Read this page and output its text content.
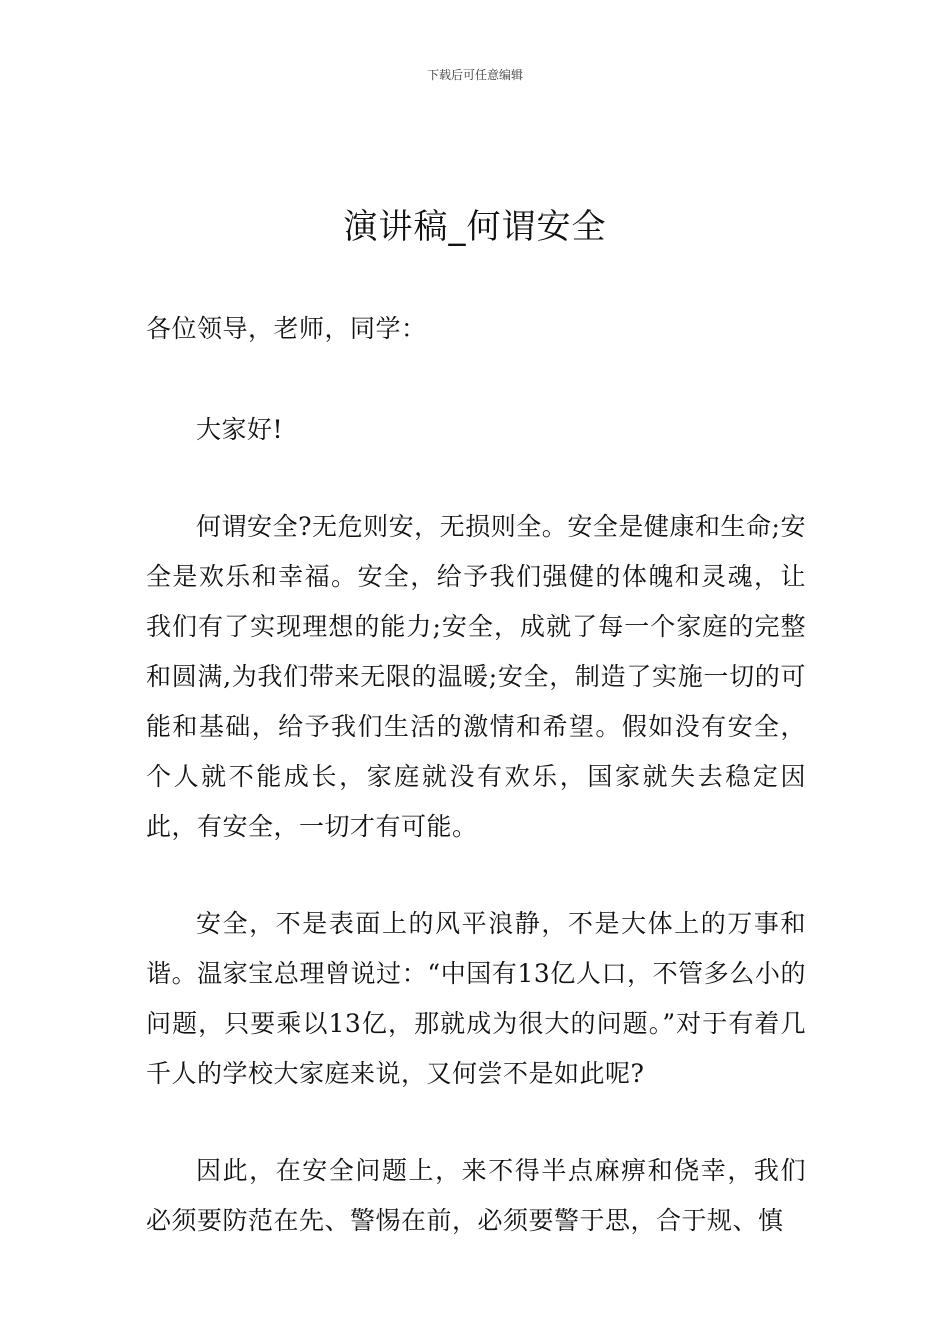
下载后可任意编辑
演讲稿_何谓安全

各位领导，老师，同学：

大家好!

何谓安全?无危则安，无损则全。安全是健康和生命;安全是欢乐和幸福。安全，给予我们强健的体魄和灵魂，让我们有了实现理想的能力;安全，成就了每一个家庭的完整和圆满,为我们带来无限的温暖;安全，制造了实施一切的可能和基础，给予我们生活的激情和希望。假如没有安全，个人就不能成长，家庭就没有欢乐，国家就失去稳定因此，有安全，一切才有可能。

安全，不是表面上的风平浪静，不是大体上的万事和谐。温家宝总理曾说过：“中国有13亿人口，不管多么小的问题，只要乘以13亿，那就成为很大的问题。”对于有着几千人的学校大家庭来说，又何尝不是如此呢?

因此，在安全问题上，来不得半点麻痹和侥幸，我们必须要防范在先、警惕在前，必须要警于思，合于规、慎
